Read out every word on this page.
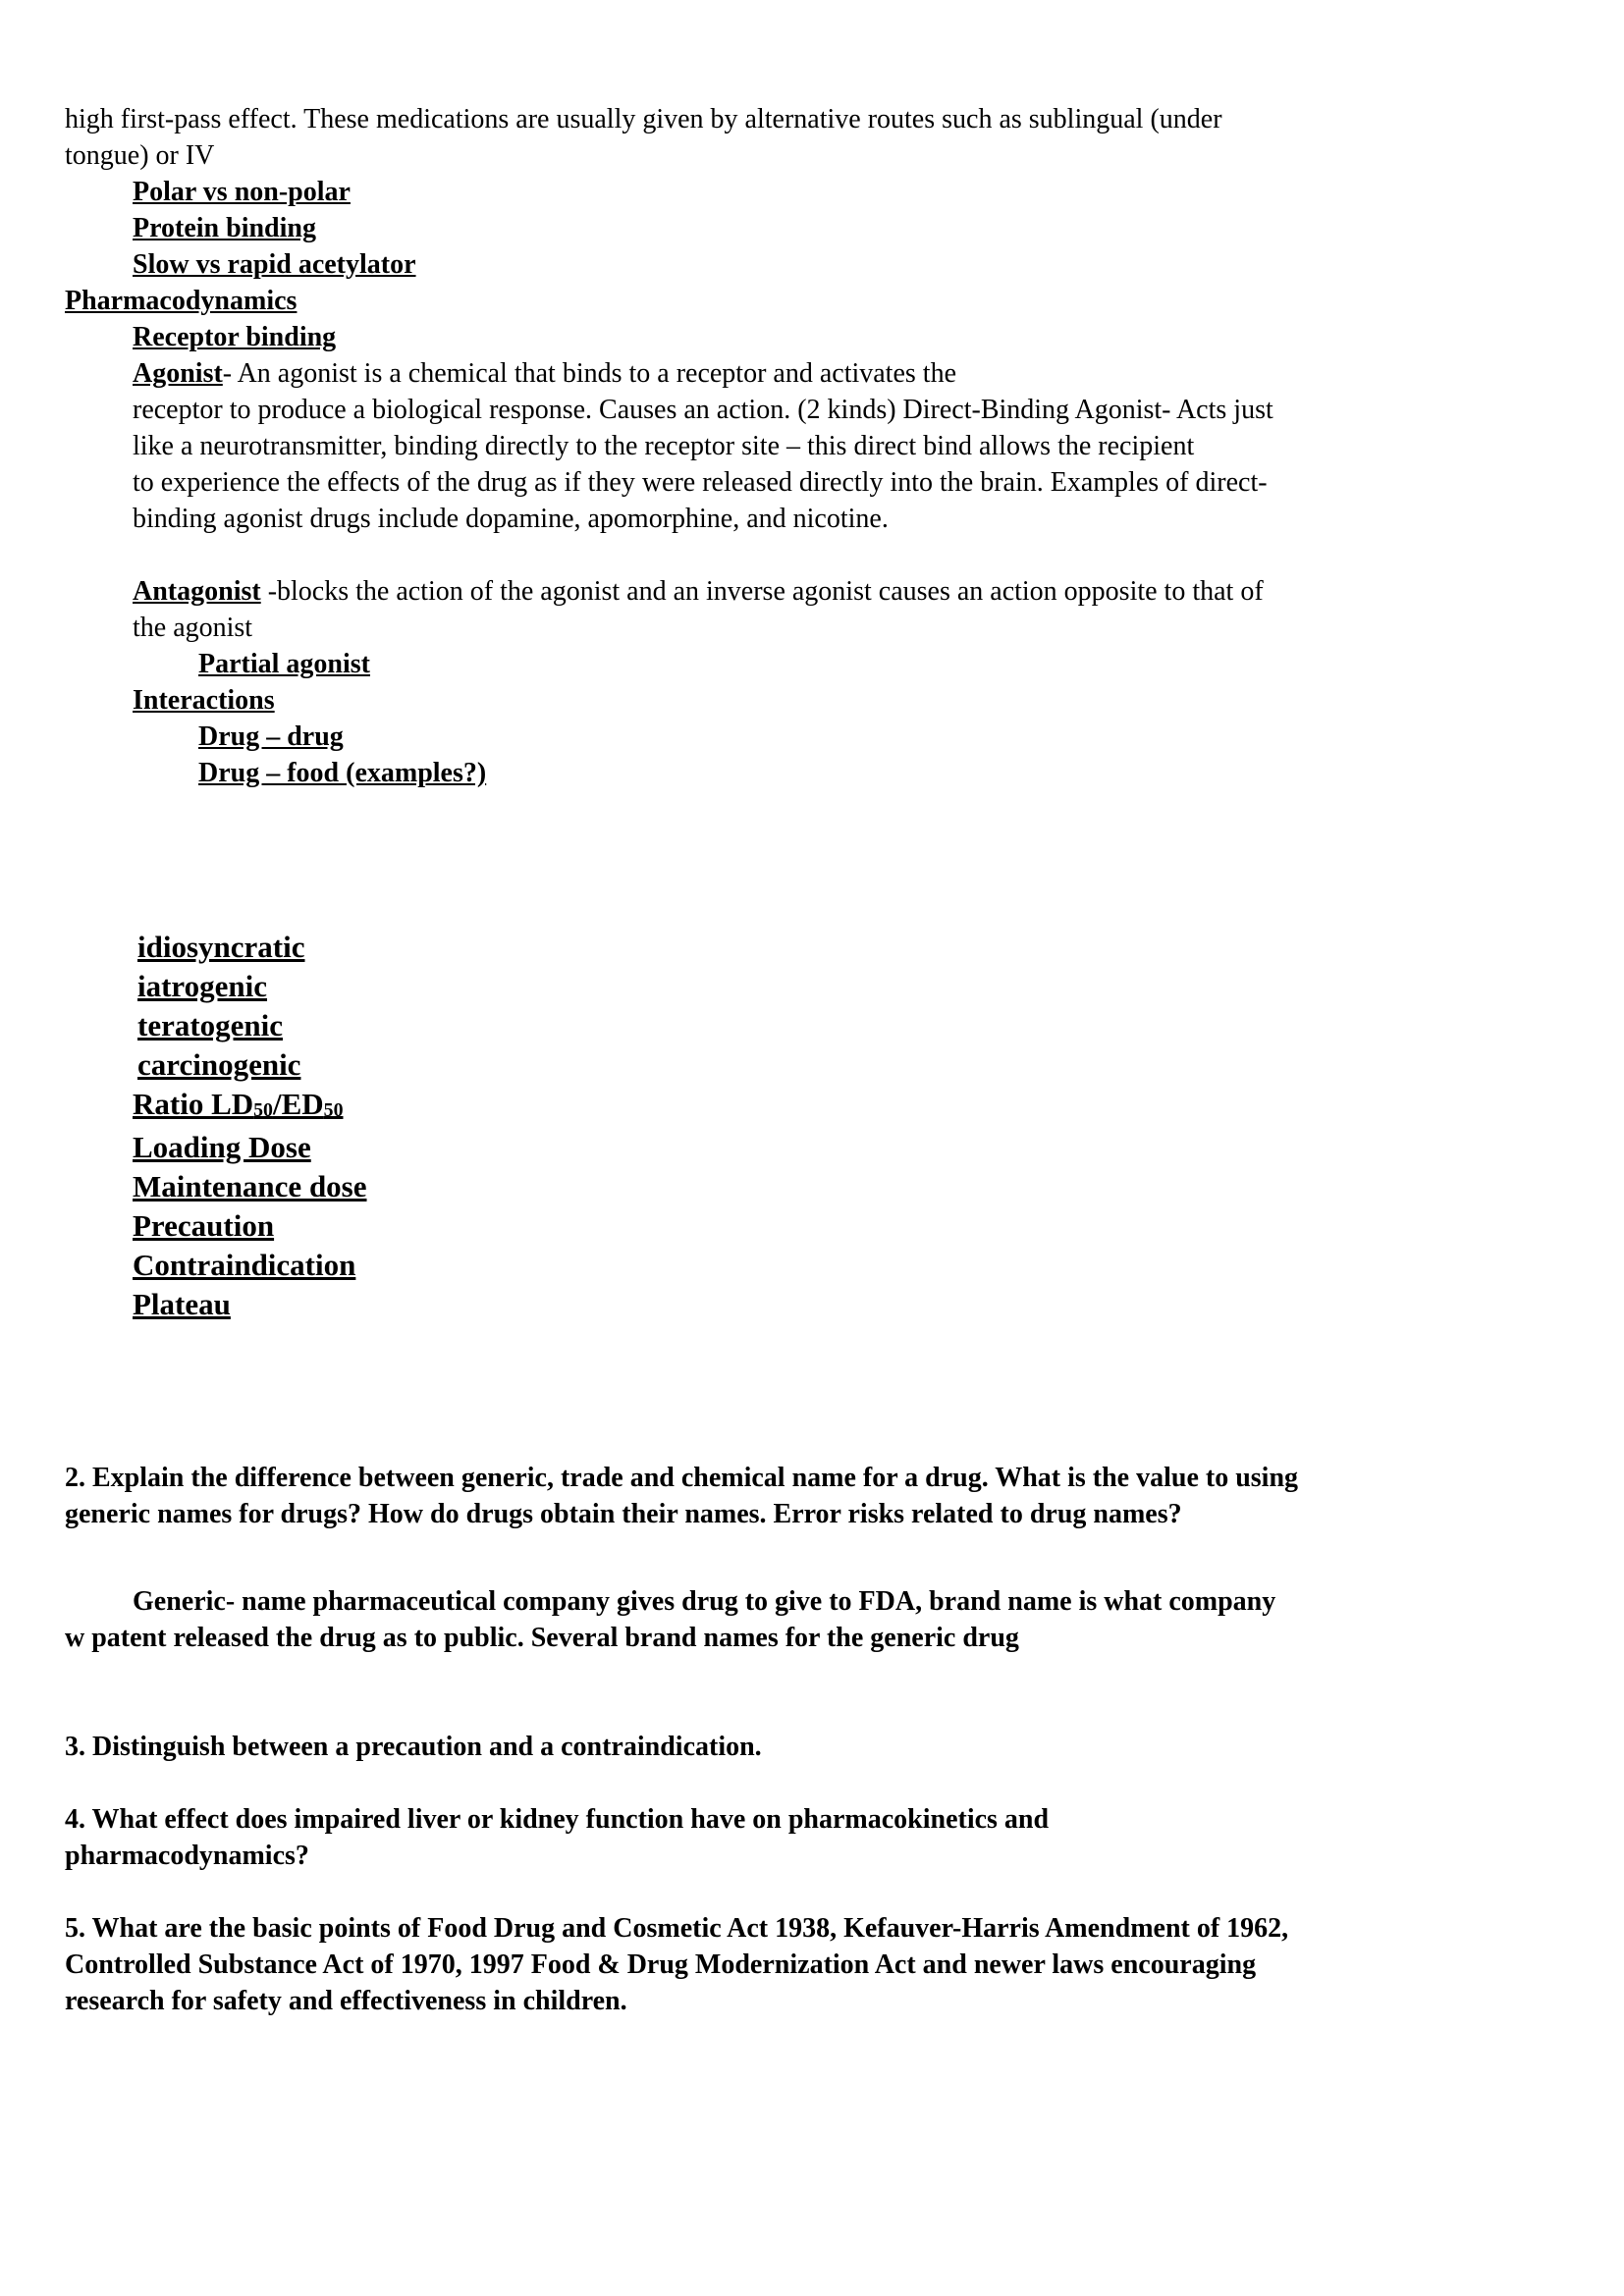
high first-pass effect. These medications are usually given by alternative routes such as sublingual (under
tongue) or IV
Polar vs non-polar
Protein binding
Slow vs rapid acetylator
Pharmacodynamics
Receptor binding
Agonist- An agonist is a chemical that binds to a receptor and activates the
receptor to produce a biological response. Causes an action. (2 kinds) Direct-Binding Agonist- Acts just
like a neurotransmitter, binding directly to the receptor site – this direct bind allows the recipient
to experience the effects of the drug as if they were released directly into the brain. Examples of direct-
binding agonist drugs include dopamine, apomorphine, and nicotine.
Antagonist -blocks the action of the agonist and an inverse agonist causes an action opposite to that of
the agonist
Partial agonist
Interactions
Drug – drug
Drug – food (examples?)
idiosyncratic
iatrogenic
teratogenic
carcinogenic
Ratio LD50/ED50
Loading Dose
Maintenance dose
Precaution
Contraindication
Plateau
2. Explain the difference between generic, trade and chemical name for a drug. What is the value to using
generic names for drugs? How do drugs obtain their names. Error risks related to drug names?
Generic- name pharmaceutical company gives drug to give to FDA, brand name is what company
w patent released the drug as to public. Several brand names for the generic drug
3. Distinguish between a precaution and a contraindication.
4. What effect does impaired liver or kidney function have on pharmacokinetics and
pharmacodynamics?
5. What are the basic points of Food Drug and Cosmetic Act 1938, Kefauver-Harris Amendment of 1962,
Controlled Substance Act of 1970, 1997 Food & Drug Modernization Act and newer laws encouraging
research for safety and effectiveness in children.
